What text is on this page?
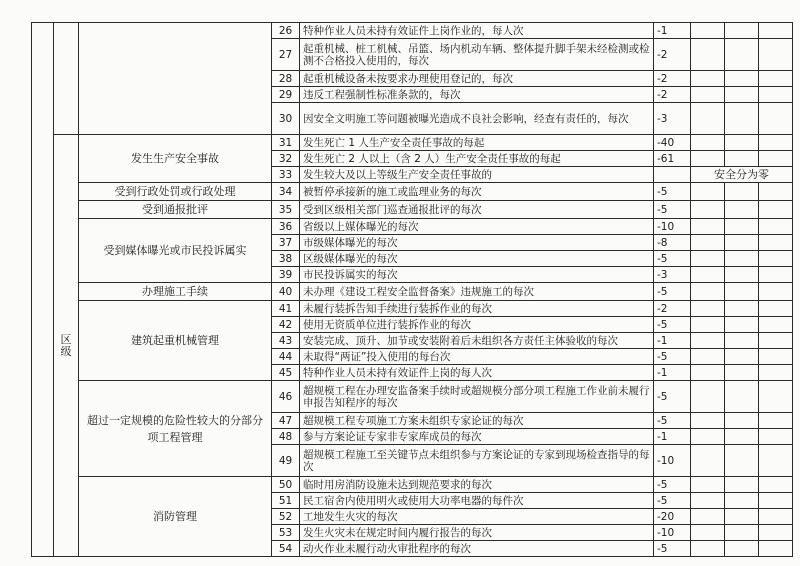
			26	特种作业人员未持有效证件上岗作业的，每人次	-1			
			27	起重机械、桩工机械、吊篮、场内机动车辆、整体提升脚手架未经检测或检测不合格投入使用的，每次	-2			
			28	起重机械设备未按要求办理使用登记的，每次	-2			
			29	违反工程强制性标准条款的，每次	-2			
			30	因安全文明施工等问题被曝光造成不良社会影响，经查有责任的，每次	-3			
	区级	发生生产安全事故	31	发生死亡 1 人生产安全责任事故的每起	-40			
			32	发生死亡 2 人以上（含 2 人）生产安全责任事故的每起	-61			
			33	发生较大及以上等级生产安全责任事故的		安全分为零		
		受到行政处罚或行政处理	34	被暂停承接新的施工或监理业务的每次	-5			
		受到通报批评	35	受到区级相关部门巡查通报批评的每次	-5			
		受到媒体曝光或市民投诉属实	36	省级以上媒体曝光的每次	-10			
			37	市级媒体曝光的每次	-8			
			38	区级媒体曝光的每次	-5			
			39	市民投诉属实的每次	-3			
		办理施工手续	40	未办理《建设工程安全监督备案》违规施工的每次	-5			
		建筑起重机械管理	41	未履行装拆告知手续进行装拆作业的每次	-2			
			42	使用无资质单位进行装拆作业的每次	-5			
			43	安装完成、顶升、加节或安装附着后未组织各方责任主体验收的每次	-1			
			44	未取得“两证”投入使用的每台次	-5			
			45	特种作业人员未持有效证件上岗的每人次	-1			
		超过一定规模的危险性较大的分部分项工程管理	46	超规模工程在办理安监备案手续时或超规模分部分项工程施工作业前未履行申报告知程序的每次	-5			
			47	超规模工程专项施工方案未组织专家论证的每次	-5			
			48	参与方案论证专家非专家库成员的每次	-1			
			49	超规模工程施工至关键节点未组织参与方案论证的专家到现场检查指导的每次	-10			
		消防管理	50	临时用房消防设施未达到规范要求的每次	-5			
			51	民工宿舍内使用明火或使用大功率电器的每件次	-5			
			52	工地发生火灾的每次	-20			
			53	发生火灾未在规定时间内履行报告的每次	-10			
			54	动火作业未履行动火审批程序的每次	-5			
